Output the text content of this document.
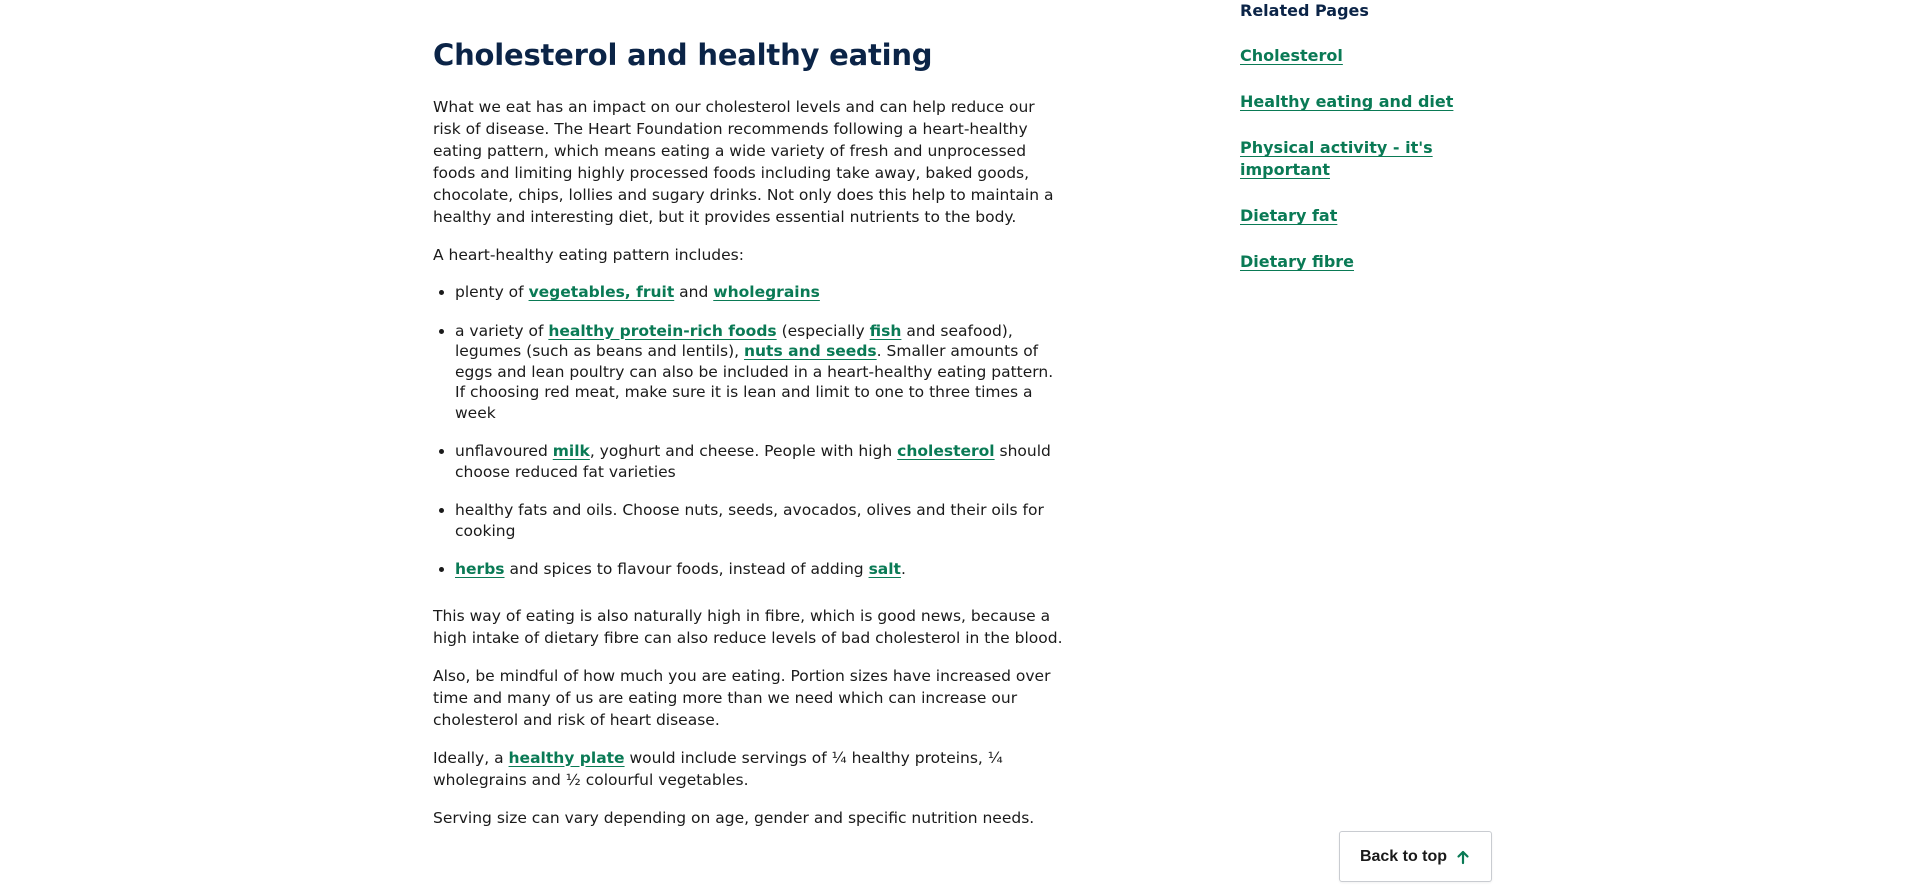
Cholesterol and healthy eating

What we eat has an impact on our cholesterol levels and can help reduce our risk of disease. The Heart Foundation recommends following a heart-healthy eating pattern, which means eating a wide variety of fresh and unprocessed foods and limiting highly processed foods including take away, baked goods, chocolate, chips, lollies and sugary drinks. Not only does this help to maintain a healthy and interesting diet, but it provides essential nutrients to the body.

A heart-healthy eating pattern includes:

• plenty of vegetables, fruit and wholegrains
• a variety of healthy protein-rich foods (especially fish and seafood), legumes (such as beans and lentils), nuts and seeds. Smaller amounts of eggs and lean poultry can also be included in a heart-healthy eating pattern. If choosing red meat, make sure it is lean and limit to one to three times a week
• unflavoured milk, yoghurt and cheese. People with high cholesterol should choose reduced fat varieties
• healthy fats and oils. Choose nuts, seeds, avocados, olives and their oils for cooking
• herbs and spices to flavour foods, instead of adding salt.

This way of eating is also naturally high in fibre, which is good news, because a high intake of dietary fibre can also reduce levels of bad cholesterol in the blood.

Also, be mindful of how much you are eating. Portion sizes have increased over time and many of us are eating more than we need which can increase our cholesterol and risk of heart disease.

Ideally, a healthy plate would include servings of ¼ healthy proteins, ¼ wholegrains and ½ colourful vegetables.

Serving size can vary depending on age, gender and specific nutrition needs.

Related Pages
Cholesterol
Healthy eating and diet
Physical activity - it's important
Dietary fat
Dietary fibre
Back to top
